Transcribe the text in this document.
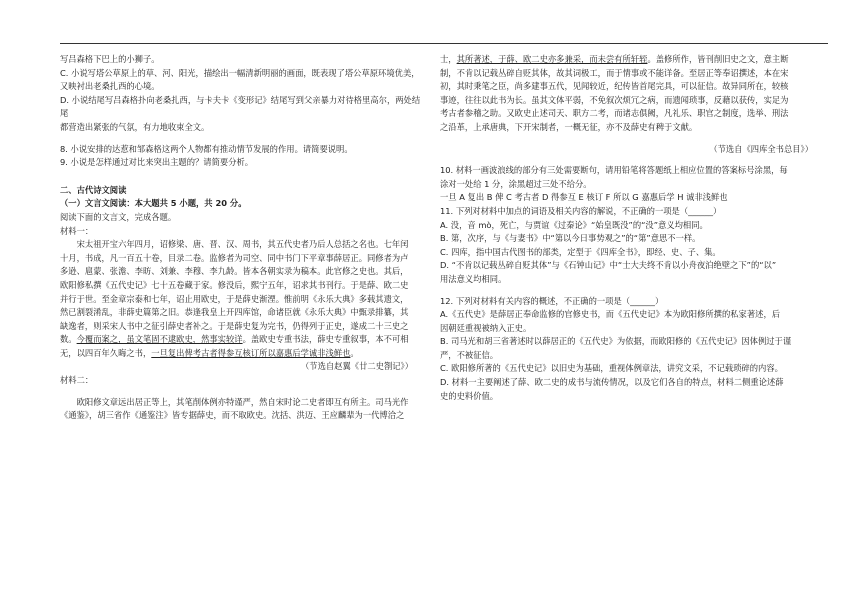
写吕森格下巴上的小狮子。

C. 小说写塔公草原上的草、河、阳光，描绘出一幅清新明丽的画面，既表现了塔公草原环境优美，

又映衬出老桑扎西的心境。

D. 小说结尾写吕森格扑向老桑扎西，与卡夫卡《变形记》结尾写到父亲暴力对待格里高尔，两处结尾

都营造出紧张的气氛，有力地收束全文。

8. 小说安排的达惹和邹森格这两个人物都有推动情节发展的作用。请简要说明。

9. 小说是怎样通过对比来突出主题的？请简要分析。

二、古代诗文阅读

（一）文言文阅读：本大题共 5 小题，共 20 分。

阅读下面的文言文，完成各题。

材料一：

宋太祖开宝六年四月，诏修梁、唐、晋、汉、周书，其五代史者乃后人总括之名也。七年闰

十月，书成，凡一百五十卷，目录二卷。监修者为司空、同中书门下平章事薛居正。同修者为卢

多逊、扈蒙、张澹、李昉、刘兼、李穆、李九龄。皆本各朝实录为稿本。此官修之史也。其后，

欧阳修私撰《五代史记》七十五卷藏于家。修没后，熙宁五年，诏求其书刊行。于是薛、欧二史

并行于世。至金章宗泰和七年，诏止用欧史，于是薛史渐湮。惟前明《永乐大典》多载其遗文，

然已割裂淆乱，非薛史篇第之旧。恭逢我皇上开四库馆，命诸臣就《永乐大典》中甄录排纂，其

缺逸者，则采宋人书中之征引薛史者补之。于是薛史复为完书，仍得列于正史，遂成二十三史之

数。今覆而案之，虽文笔固不逮欧史，然事实较详。盖欧史专重书法，薛史专重叙事，本不可相

无，以四百年久晦之书，一旦复出俾考古者得参互核订所以嘉惠后学诚非浅鲜也。

（节选自赵翼《廿二史劄记》）

材料二：

欧阳修文章远出居正等上，其笔削体例亦特谨严，然自宋时论二史者即互有所主。司马光作

《通鉴》，胡三省作《通鉴注》皆专据薛史，而不取欧史。沈括、洪迈、王应麟辈为一代博洽之

士，其所著述，于薛、欧二史亦多兼采，而未尝有所轩轾。盖修所作，皆刊削旧史之文，意主断

制，不肯以记载丛碎自贬其体，故其词极工，而于情事或不能详备。至居正等奉诏撰述，本在宋

初，其时秉笔之臣，尚多建事五代，见闻较近，纪传皆首尾完具，可以征信。故异同所在，较核

事迹，往往以此书为长。虽其文体平弱，不免叙次烦冗之病，而遗闻琐事，反藉以获传，实足为

考古者参稽之助。又欧史止述司天、职方二考，而诸志俱阙，凡礼乐、职官之制度，选举、刑法

之沿革，上承唐典，下开宋制者，一概无征，亦不及薛史有稗于文献。

（节选自《四库全书总目》）

10. 材料一画波浪线的部分有三处需要断句，请用铅笔将答题纸上相应位置的答案标号涂黑，每

涂对一处给 1 分，涂黑超过三处不给分。

一旦 A 复出 B 俾 C 考古者 D 得参互 E 核订 F 所以 G 嘉惠后学 H 诚非浅鲜也

11. 下列对材料中加点的词语及相关内容的解说，不正确的一项是（______）

A. 没，音 mò，死亡，与贾谊《过秦论》“始皇既没”的“没”意义均相同。

B. 第，次序，与《与妻书》中“第以今日事势观之”的“第”意思不一样。

C. 四库，指中国古代图书的部类，定型于《四库全书》，即经、史、子、集。

D. “不肯以记载丛碎自贬其体”与《石钟山记》中“士大夫终不肯以小舟夜泊绝壁之下”的“以”

用法意义均相同。

12. 下列对材料有关内容的概述，不正确的一项是（______）

A.《五代史》是薛居正奉命监修的官修史书，而《五代史记》本为欧阳修所撰的私家著述，后

因朝廷重视被纳入正史。

B. 司马光和胡三省著述时以薛居正的《五代史》为依据，而欧阳修的《五代史记》因体例过于谨

严，不被征信。

C. 欧阳修所著的《五代史记》以旧史为基础，重视体例章法，讲究文采，不记载琐碎的内容。

D. 材料一主要阐述了薛、欧二史的成书与流传情况，以及它们各自的特点，材料二侧重论述薛

史的史料价值。
